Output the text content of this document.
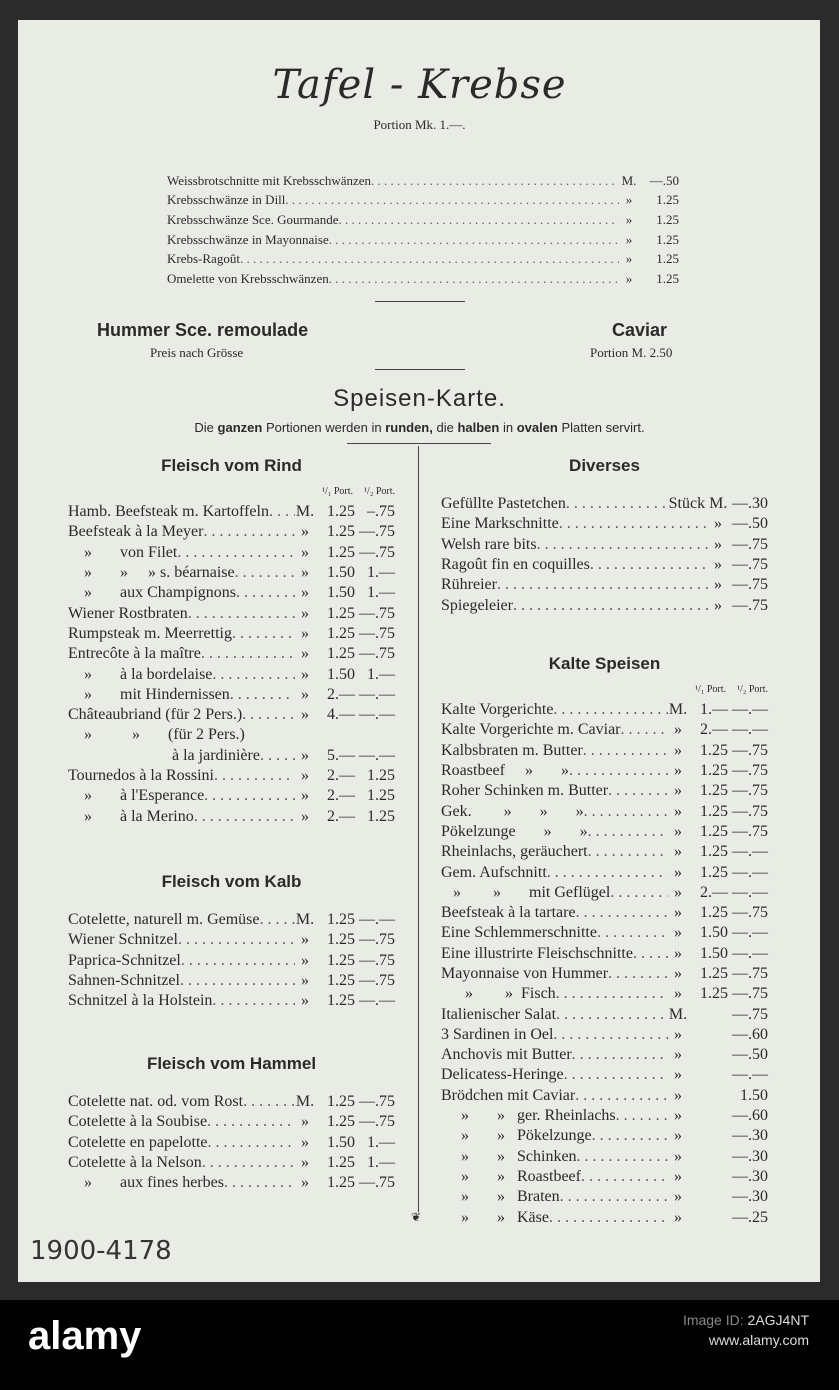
Tafel - Krebse
Portion Mk. 1.—.
Weissbrotschnitte mit Krebsschwänzen . . .	M.	—.50
Krebsschwänze in Dill . . .	»	1.25
Krebsschwänze Sce. Gourmande . . .	»	1.25
Krebsschwänze in Mayonnaise . . .	»	1.25
Krebs-Ragoût . . .	»	1.25
Omelette von Krebsschwänzen . . .	»	1.25
Hummer Sce. remoulade
Preis nach Grösse
Caviar
Portion M. 2.50
Speisen-Karte.
Die ganzen Portionen werden in runden, die halben in ovalen Platten servirt.
❦
Fleisch vom Rind
¹/₁ Port.	¹/₂ Port.
Hamb. Beefsteak m. Kartoffeln . . . M. 1.25 –.75
Beefsteak à la Meyer . . .	»	1.25 —.75
»       von Filet . . .	»	1.25 —.75
»       »     » s. béarnaise . . .	»	1.50 1.—
»       aux Champignons . . .	»	1.50 1.—
Wiener Rostbraten . . .	»	1.25 —.75
Rumpsteak m. Meerrettig . . .	»	1.25 —.75
Entrecôte à la maître . . .	»	1.25 —.75
»       à la bordelaise . . .	»	1.50 1.—
»       mit Hindernissen . . .	»	2.— —.—
Châteaubriand (für 2 Pers.) . . .	»	4.— —.—
»          »       (für 2 Pers.)
à la jardinière . . .	»	5.— —.—
Tournedos à la Rossini . . .	»	2.— 1.25
»       à l'Esperance . . .	»	2.— 1.25
»       à la Merino . . .	»	2.— 1.25
Fleisch vom Kalb
Cotelette, naturell m. Gemüse . . . M. 1.25 —.—
Wiener Schnitzel . . .	»	1.25 —.75
Paprica-Schnitzel . . .	»	1.25 —.75
Sahnen-Schnitzel . . .	»	1.25 —.75
Schnitzel à la Holstein . . .	»	1.25 —.—
Fleisch vom Hammel
Cotelette nat. od. vom Rost . . .	M. 1.25 —.75
Cotelette à la Soubise . . .	»	1.25 —.75
Cotelette en papelotte . . .	»	1.50 1.—
Cotelette à la Nelson . . .	»	1.25 1.—
»       aux fines herbes . . .	»	1.25 —.75
Diverses
Gefüllte Pastetchen . . .	Stück M. —.30
Eine Markschnitte . . .	» —.50
Welsh rare bits . . .	» —.75
Ragoût fin en coquilles . . .	» —.75
Rühreier . . .	» —.75
Spiegeleier . . .	» —.75
Kalte Speisen
¹/₁ Port.	¹/₂ Port.
Kalte Vorgerichte . . .	M. 1.— —.—
Kalte Vorgerichte m. Caviar . . .	»	2.— —.—
Kalbsbraten m. Butter . . .	»	1.25 —.75
Roastbeef     »       » . . .	»	1.25 —.75
Roher Schinken m. Butter . . .	»	1.25 —.75
Gek.        »       »       » . . .	»	1.25 —.75
Pökelzunge       »       » . . .	»	1.25 —.75
Rheinlachs, geräuchert . . .	»	1.25 —.—
Gem. Aufschnitt . . .	»	1.25 —.—
»        »       mit Geflügel . . .	»	2.— —.—
Beefsteak à la tartare . . .	»	1.25 —.75
Eine Schlemmerschnitte . . .	»	1.50 —.—
Eine illustrirte Fleischschnitte . . .	»	1.50 —.—
Mayonnaise von Hummer . . .	»	1.25 —.75
»        »  Fisch . . .	»	1.25 —.75
Italienischer Salat . . .	M.	—.75
3 Sardinen in Oel . . .	»	—.60
Anchovis mit Butter . . .	»	—.50
Delicatess-Heringe . . .	»	—.—
Brödchen mit Caviar . . .	»	1.50
»       »   ger. Rheinlachs . . .	»	—.60
»       »   Pökelzunge . . .	»	—.30
»       »   Schinken . . .	»	—.30
»       »   Roastbeef . . .	»	—.30
»       »   Braten . . .	»	—.30
»       »   Käse . . .	»	—.25
1900-4178
alamy	Image ID: 2AGJ4NT
www.alamy.com
